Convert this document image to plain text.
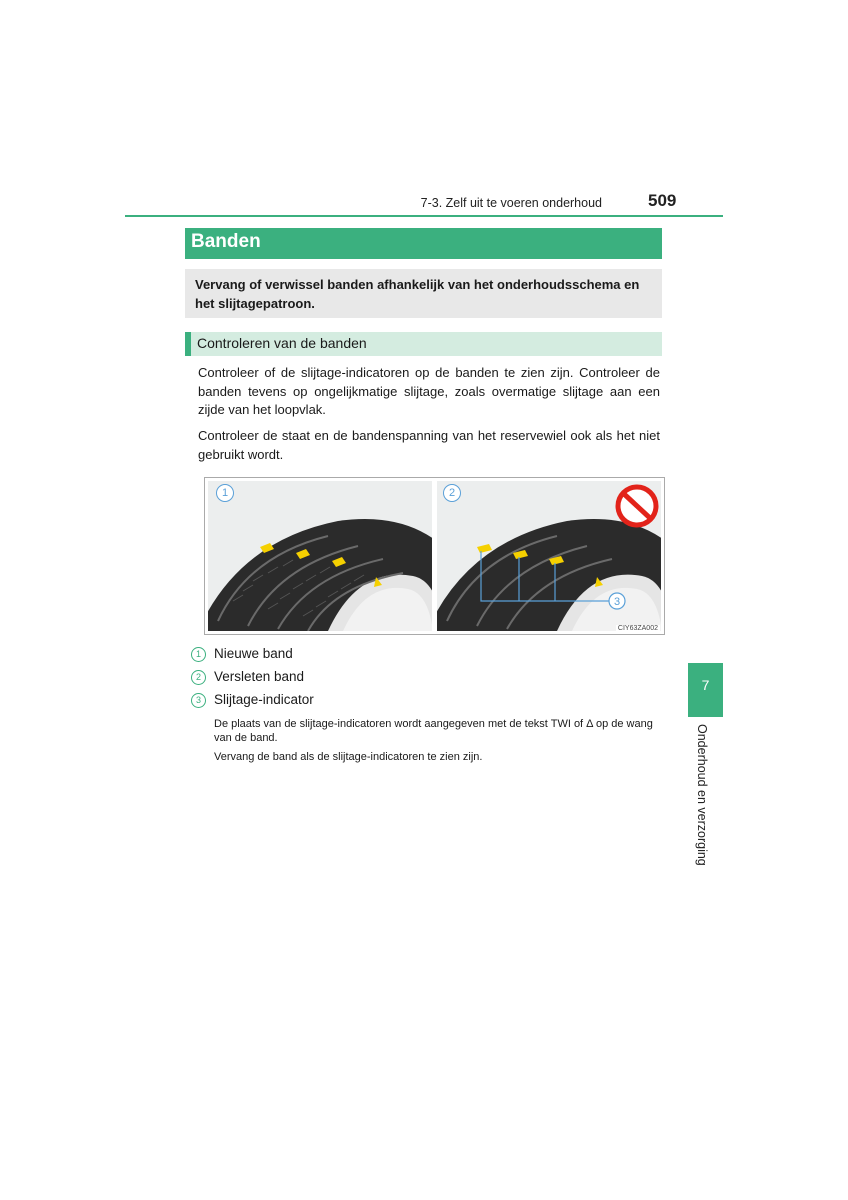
7-3. Zelf uit te voeren onderhoud	509
Banden
Vervang of verwissel banden afhankelijk van het onderhoudsschema en het slijtagepatroon.
Controleren van de banden
Controleer of de slijtage-indicatoren op de banden te zien zijn. Controleer de banden tevens op ongelijkmatige slijtage, zoals overmatige slijtage aan een zijde van het loopvlak.
Controleer de staat en de bandenspanning van het reservewiel ook als het niet gebruikt wordt.
1
3
2
CIY63ZA002
1 Nieuwe band
2 Versleten band
3 Slijtage-indicator
De plaats van de slijtage-indicatoren wordt aangegeven met de tekst TWI of Δ op de wang van de band.
Vervang de band als de slijtage-indicatoren te zien zijn.
7
Onderhoud en verzorging
